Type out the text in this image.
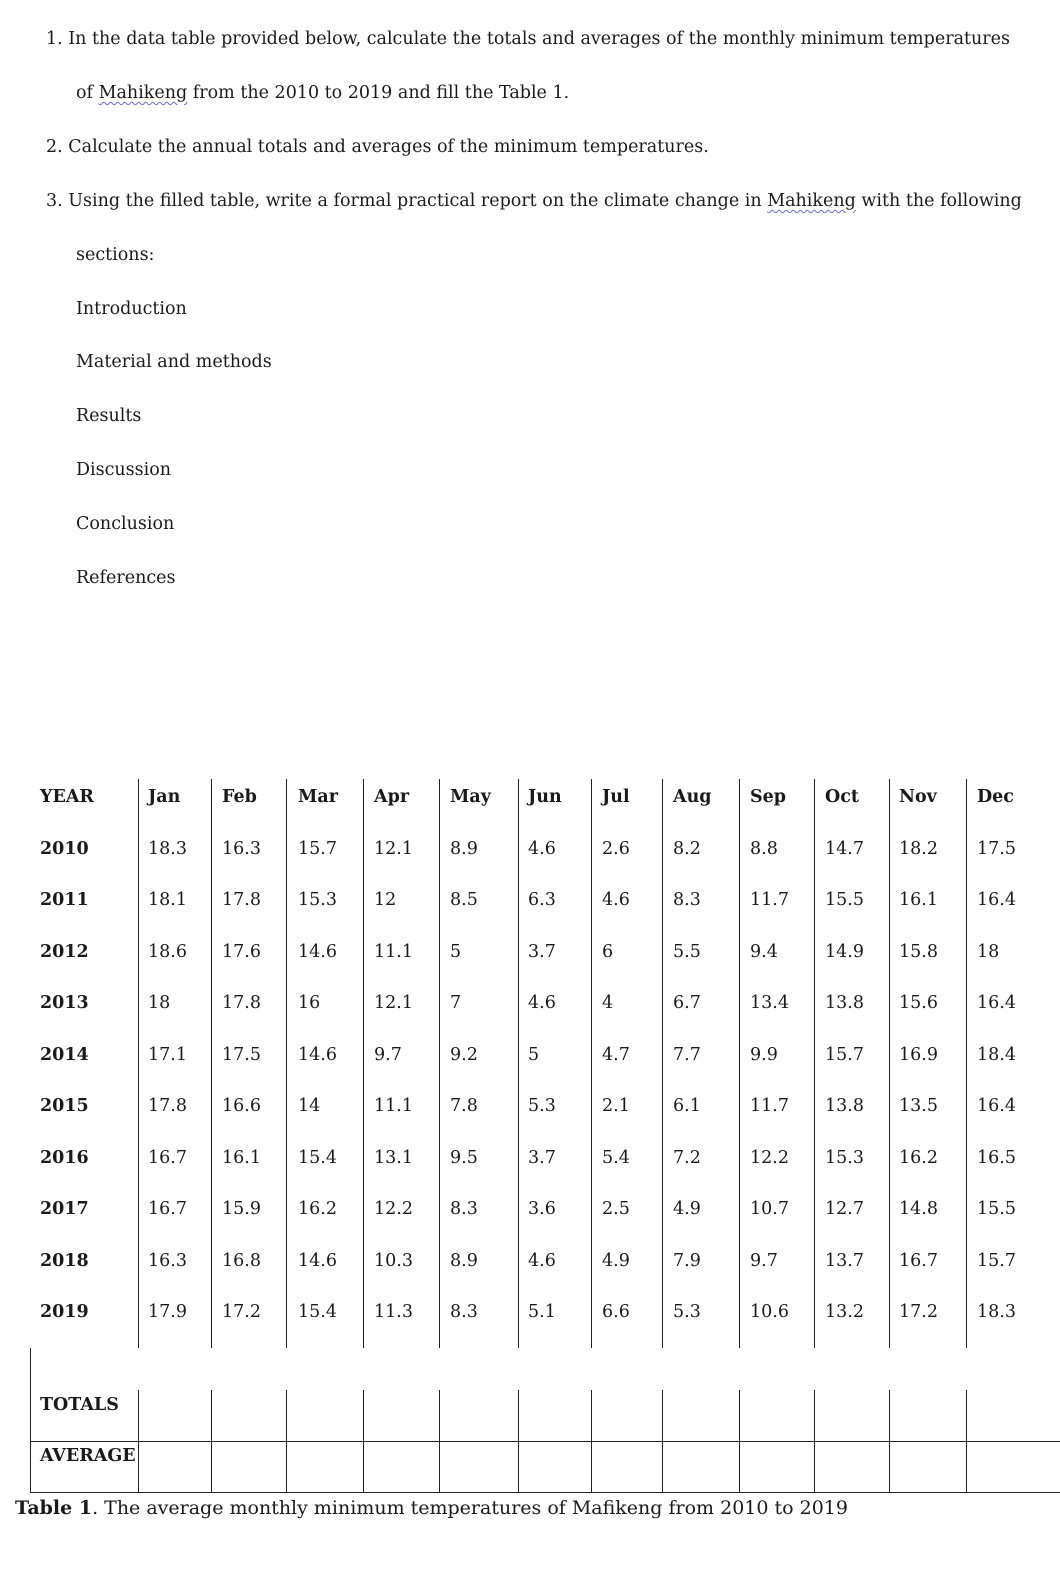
1. In the data table provided below, calculate the totals and averages of the monthly minimum temperatures
of Mahikeng from the 2010 to 2019 and fill the Table 1.
2. Calculate the annual totals and averages of the minimum temperatures.
3. Using the filled table, write a formal practical report on the climate change in Mahikeng with the following
sections:
Introduction
Material and methods
Results
Discussion
Conclusion
References
YEAR	Jan Feb Mar Apr May Jun Jul Aug Sep Oct Nov Dec
2010	18.3 16.3 15.7 12.1 8.9	4.6	2.6 8.2	8.8	14.7 18.2 17.5
2011	18.1 17.8 15.3 12	8.5	6.3	4.6 8.3	11.7 15.5 16.1 16.4
2012	18.6 17.6 14.6 11.1 5	3.7	6	5.5	9.4	14.9 15.8 18
2013	18	17.8 16	12.1 7	4.6	4	6.7	13.4 13.8 15.6 16.4
2014	17.1 17.5 14.6 9.7	9.2	5	4.7 7.7	9.9	15.7 16.9 18.4
2015	17.8 16.6 14	11.1 7.8	5.3	2.1 6.1	11.7 13.8 13.5 16.4
2016	16.7 16.1 15.4 13.1 9.5	3.7	5.4 7.2	12.2 15.3 16.2 16.5
2017	16.7 15.9 16.2 12.2 8.3	3.6	2.5 4.9	10.7 12.7 14.8 15.5
2018	16.3 16.8 14.6 10.3 8.9	4.6	4.9 7.9	9.7	13.7 16.7 15.7
2019	17.9 17.2 15.4 11.3 8.3	5.1	6.6 5.3	10.6 13.2 17.2 18.3
TOTALS
AVERAGE
Table 1. The average monthly minimum temperatures of Mafikeng from 2010 to 2019
